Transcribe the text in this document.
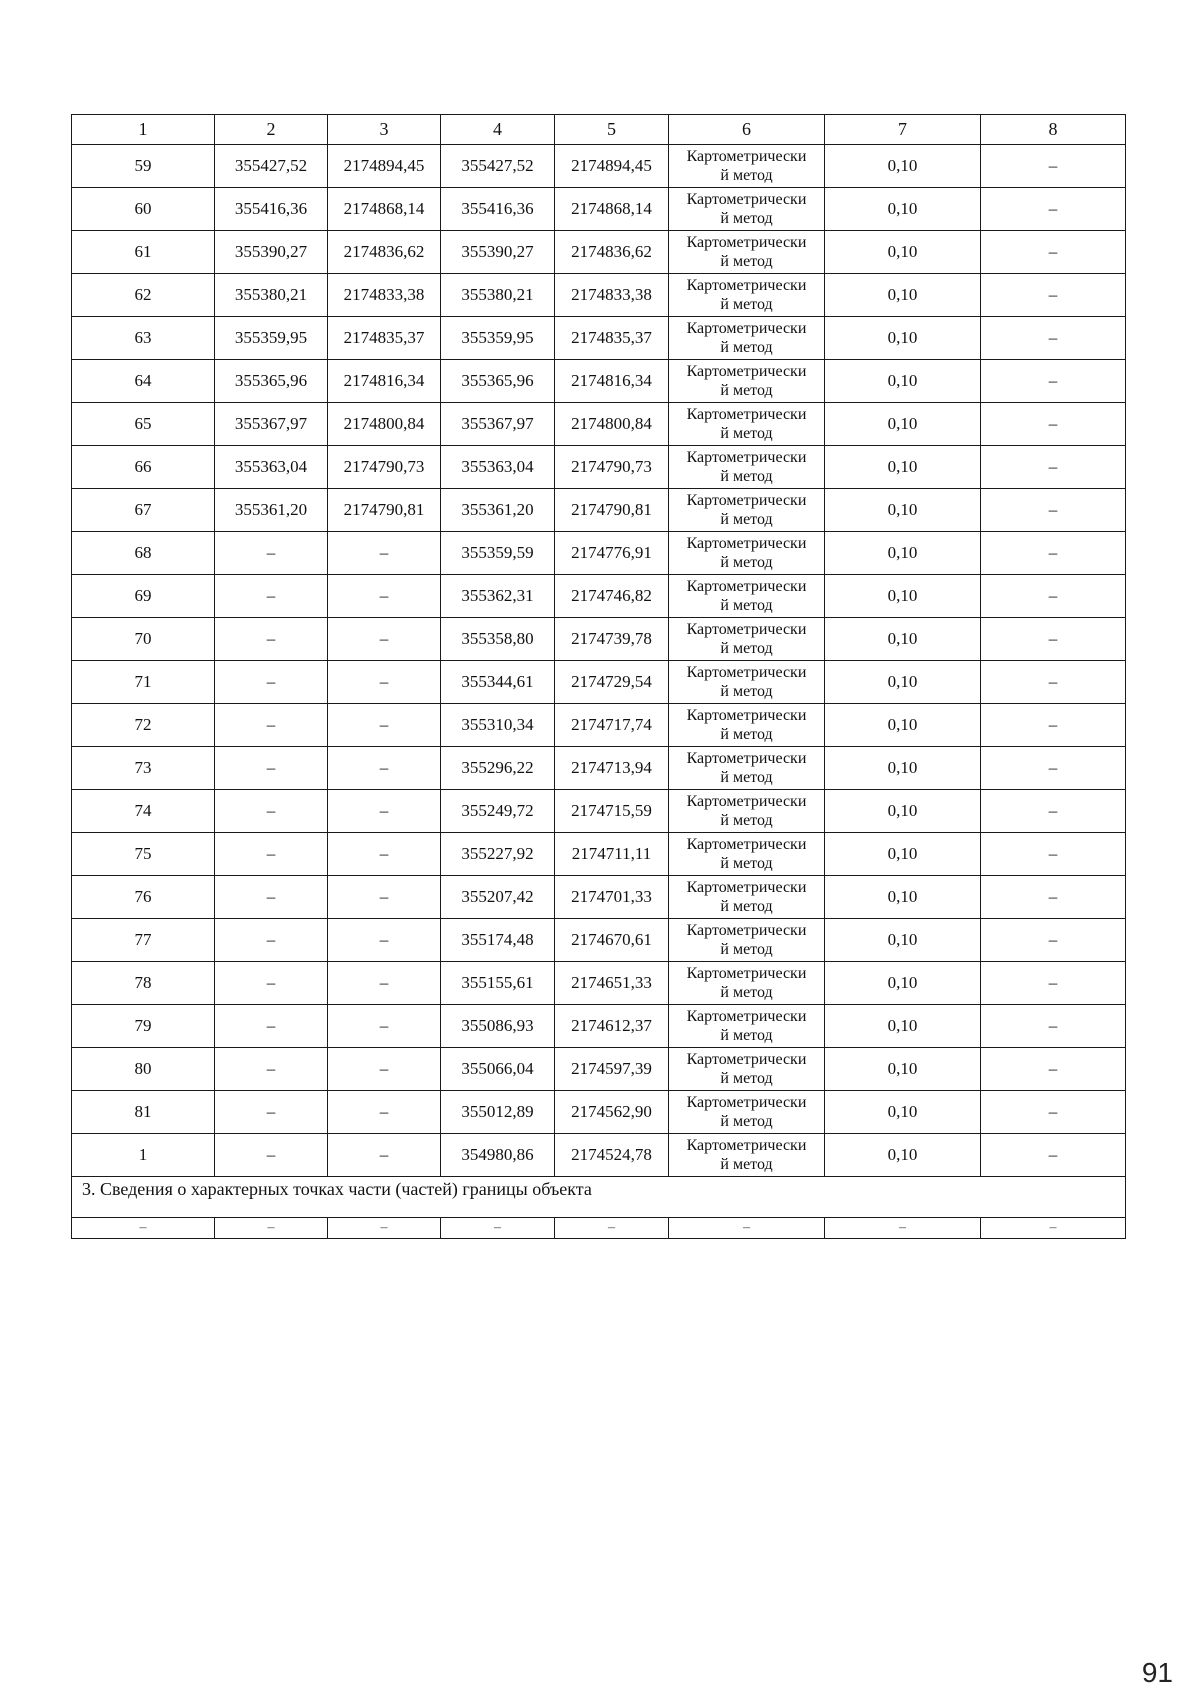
1	2	3	4	5	6	7	8
59	355427,52	2174894,45	355427,52	2174894,45	Картометрический метод	0,10	–
60	355416,36	2174868,14	355416,36	2174868,14	Картометрический метод	0,10	–
61	355390,27	2174836,62	355390,27	2174836,62	Картометрический метод	0,10	–
62	355380,21	2174833,38	355380,21	2174833,38	Картометрический метод	0,10	–
63	355359,95	2174835,37	355359,95	2174835,37	Картометрический метод	0,10	–
64	355365,96	2174816,34	355365,96	2174816,34	Картометрический метод	0,10	–
65	355367,97	2174800,84	355367,97	2174800,84	Картометрический метод	0,10	–
66	355363,04	2174790,73	355363,04	2174790,73	Картометрический метод	0,10	–
67	355361,20	2174790,81	355361,20	2174790,81	Картометрический метод	0,10	–
68	–	–	355359,59	2174776,91	Картометрический метод	0,10	–
69	–	–	355362,31	2174746,82	Картометрический метод	0,10	–
70	–	–	355358,80	2174739,78	Картометрический метод	0,10	–
71	–	–	355344,61	2174729,54	Картометрический метод	0,10	–
72	–	–	355310,34	2174717,74	Картометрический метод	0,10	–
73	–	–	355296,22	2174713,94	Картометрический метод	0,10	–
74	–	–	355249,72	2174715,59	Картометрический метод	0,10	–
75	–	–	355227,92	2174711,11	Картометрический метод	0,10	–
76	–	–	355207,42	2174701,33	Картометрический метод	0,10	–
77	–	–	355174,48	2174670,61	Картометрический метод	0,10	–
78	–	–	355155,61	2174651,33	Картометрический метод	0,10	–
79	–	–	355086,93	2174612,37	Картометрический метод	0,10	–
80	–	–	355066,04	2174597,39	Картометрический метод	0,10	–
81	–	–	355012,89	2174562,90	Картометрический метод	0,10	–
1	–	–	354980,86	2174524,78	Картометрический метод	0,10	–
3. Сведения о характерных точках части (частей) границы объекта							
–	–	–	–	–	–	–	–
91
